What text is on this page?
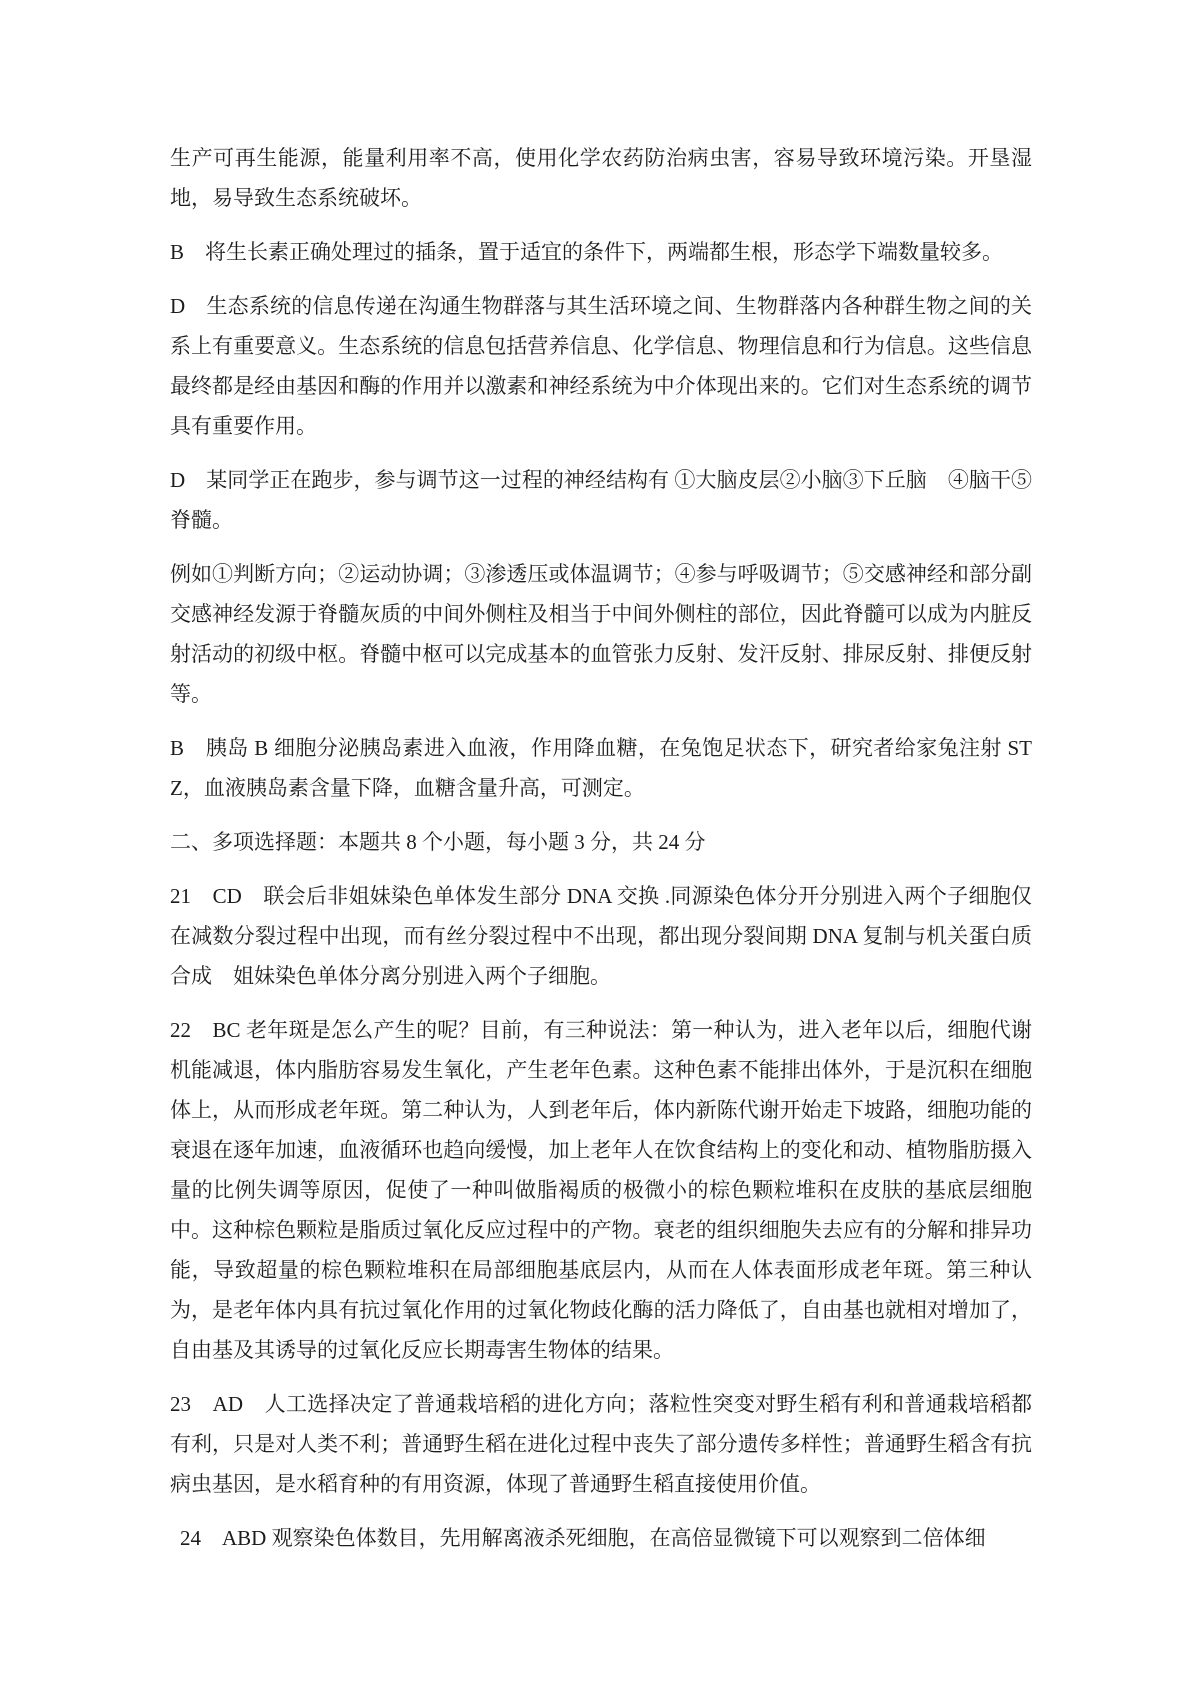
生产可再生能源，能量利用率不高，使用化学农药防治病虫害，容易导致环境污染。开垦湿地，易导致生态系统破坏。

B　将生长素正确处理过的插条，置于适宜的条件下，两端都生根，形态学下端数量较多。

D　生态系统的信息传递在沟通生物群落与其生活环境之间、生物群落内各种群生物之间的关系上有重要意义。生态系统的信息包括营养信息、化学信息、物理信息和行为信息。这些信息最终都是经由基因和酶的作用并以激素和神经系统为中介体现出来的。它们对生态系统的调节具有重要作用。

D　某同学正在跑步，参与调节这一过程的神经结构有 ①大脑皮层②小脑③下丘脑　④脑干⑤脊髓。

例如①判断方向；②运动协调；③渗透压或体温调节；④参与呼吸调节；⑤交感神经和部分副交感神经发源于脊髓灰质的中间外侧柱及相当于中间外侧柱的部位，因此脊髓可以成为内脏反射活动的初级中枢。脊髓中枢可以完成基本的血管张力反射、发汗反射、排尿反射、排便反射等。

B　胰岛 B 细胞分泌胰岛素进入血液，作用降血糖，在兔饱足状态下，研究者给家兔注射 STZ，血液胰岛素含量下降，血糖含量升高，可测定。

二、多项选择题：本题共 8 个小题，每小题 3 分，共 24 分

21　CD　联会后非姐妹染色单体发生部分 DNA 交换 .同源染色体分开分别进入两个子细胞仅在减数分裂过程中出现，而有丝分裂过程中不出现，都出现分裂间期 DNA 复制与机关蛋白质合成　姐妹染色单体分离分别进入两个子细胞。

22　BC 老年斑是怎么产生的呢？目前，有三种说法：第一种认为，进入老年以后，细胞代谢机能减退，体内脂肪容易发生氧化，产生老年色素。这种色素不能排出体外，于是沉积在细胞体上，从而形成老年斑。第二种认为，人到老年后，体内新陈代谢开始走下坡路，细胞功能的衰退在逐年加速，血液循环也趋向缓慢，加上老年人在饮食结构上的变化和动、植物脂肪摄入量的比例失调等原因，促使了一种叫做脂褐质的极微小的棕色颗粒堆积在皮肤的基底层细胞中。这种棕色颗粒是脂质过氧化反应过程中的产物。衰老的组织细胞失去应有的分解和排异功能，导致超量的棕色颗粒堆积在局部细胞基底层内，从而在人体表面形成老年斑。第三种认为，是老年体内具有抗过氧化作用的过氧化物歧化酶的活力降低了，自由基也就相对增加了，自由基及其诱导的过氧化反应长期毒害生物体的结果。

23　AD　人工选择决定了普通栽培稻的进化方向；落粒性突变对野生稻有利和普通栽培稻都有利，只是对人类不利；普通野生稻在进化过程中丧失了部分遗传多样性；普通野生稻含有抗病虫基因，是水稻育种的有用资源，体现了普通野生稻直接使用价值。

24　ABD 观察染色体数目，先用解离液杀死细胞，在高倍显微镜下可以观察到二倍体细
